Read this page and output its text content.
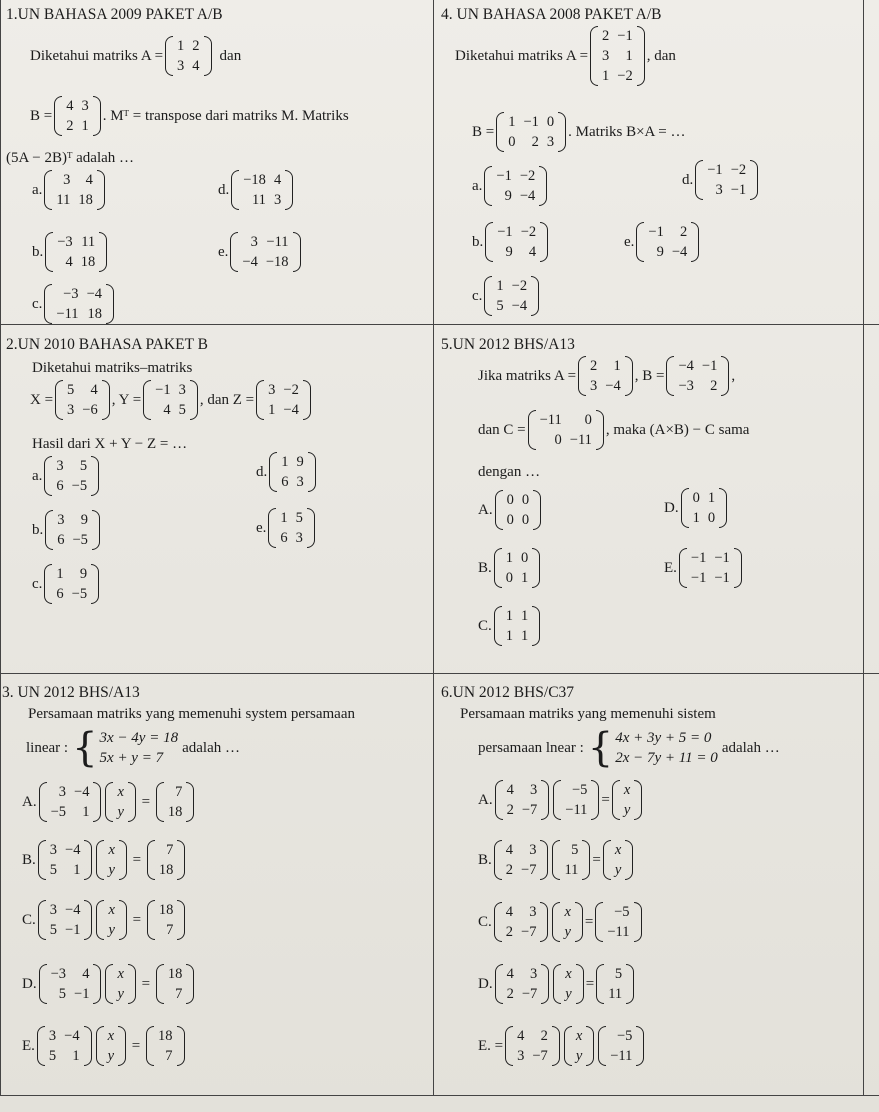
1.UN BAHASA 2009 PAKET A/B
Diketahui matriks A =
1	2
3	4
dan
B =
4	3
2	1
. Mᵀ = transpose dari matriks M. Matriks
(5A − 2B)ᵀ adalah …
a.
3	4
11	18
b.
−3	11
4	18
c.
−3	−4
−11	18
d.
−18	4
11	3
e.
3	−11
−4	−18
4. UN BAHASA 2008 PAKET A/B
Diketahui matriks A =
2	−1
3	1
1	−2
, dan
B =
1	−1	0
0	2	3
. Matriks B×A = …
a.
−1	−2
9	−4
b.
−1	−2
9	4
c.
1	−2
5	−4
d.
−1	−2
3	−1
e.
−1	2
9	−4
2.UN 2010 BAHASA PAKET B
Diketahui matriks–matriks
X =
5	4
3	−6
, Y =
−1	3
4	5
, dan Z =
3	−2
1	−4
Hasil dari X + Y − Z = …
a.
3	5
6	−5
b.
3	9
6	−5
c.
1	9
6	−5
d.
1	9
6	3
e.
1	5
6	3
5.UN 2012 BHS/A13
Jika matriks A =
2	1
3	−4
, B =
−4	−1
−3	2
,
dan C =
−11	0
0	−11
, maka (A×B) − C sama
dengan …
A.
0	0
0	0
B.
1	0
0	1
C.
1	1
1	1
D.
0	1
1	0
E.
−1	−1
−1	−1
3. UN 2012 BHS/A13
Persamaan matriks yang memenuhi system persamaan
linear : { 3x − 4y = 18
5x + y = 7
adalah …
A.
3	−4
−5	1
x
y
=
7
18
B.
3	−4
5	1
x
y
=
7
18
C.
3	−4
5	−1
x
y
=
18
7
D.
−3	4
5	−1
x
y
=
18
7
E.
3	−4
5	1
x
y
=
18
7
6.UN 2012 BHS/C37
Persamaan matriks yang memenuhi sistem
persamaan lnear : { 4x + 3y + 5 = 0
2x − 7y + 11 = 0
adalah …
A.
4	3
2	−7
−5
−11
=
x
y
B.
4	3
2	−7
5
11
=
x
y
C.
4	3
2	−7
x
y
=
−5
−11
D.
4	3
2	−7
x
y
=
5
11
E. =
4	2
3	−7
x
y
−5
−11
